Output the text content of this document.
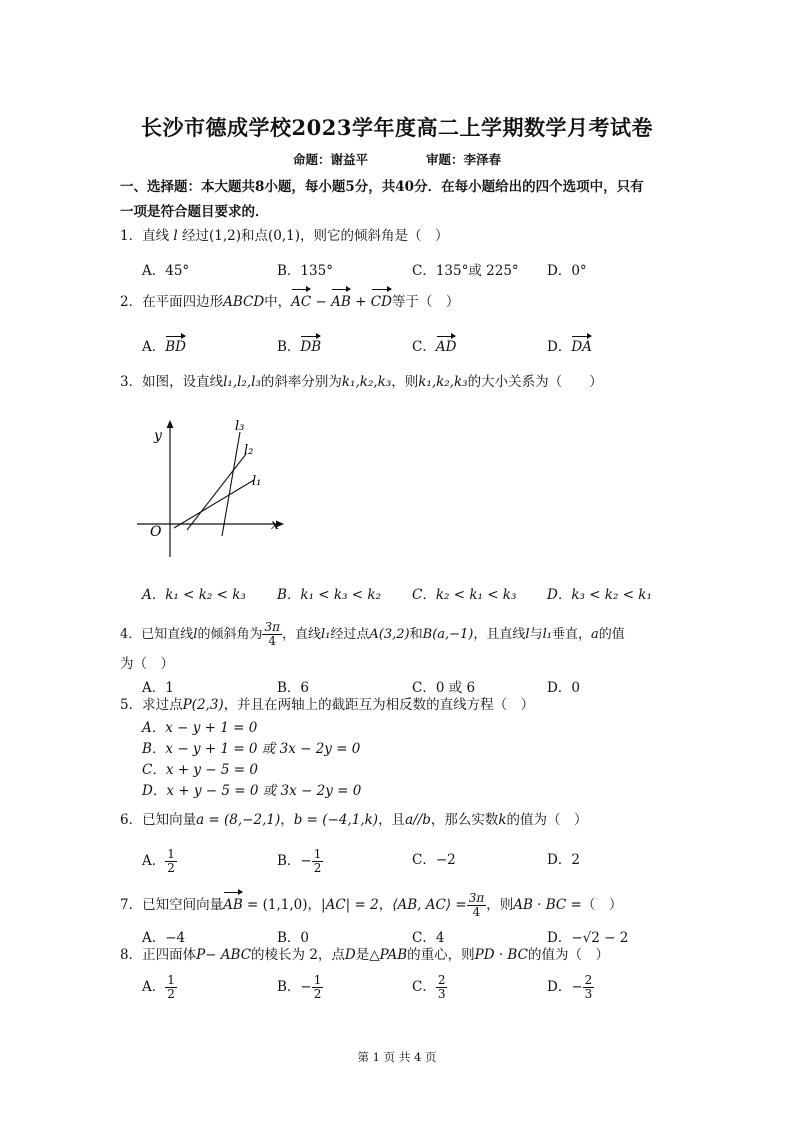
长沙市德成学校2023学年度高二上学期数学月考试卷
命题：谢益平	审题：李泽春
一、选择题：本大题共8小题，每小题5分，共40分．在每小题给出的四个选项中，只有
一项是符合题目要求的．
1．直线 l 经过(1,2)和点(0,1)，则它的倾斜角是（　）
A．45°	B．135°	C．135°或 225°	D．0°
2．在平面四边形ABCD中，AC − AB + CD等于（　）
A．BD	B．DB	C．AD	D．DA
3．如图，设直线l₁,l₂,l₃的斜率分别为k₁,k₂,k₃，则k₁,k₂,k₃的大小关系为（　　）
y
x
O
l₁
l₂
l₃
A．k₁ < k₂ < k₃	B．k₁ < k₃ < k₂	C．k₂ < k₁ < k₃	D．k₃ < k₂ < k₁
4．已知直线l的倾斜角为 $\frac{3\pi}{4}$ ，直线l₁经过点A(3,2)和B(a,−1)，且直线l与l₁垂直，a的值
为（　）
A．1	B．6	C．0 或 6	D．0
5．求过点P(2,3)，并且在两轴上的截距互为相反数的直线方程（　）
A．x − y + 1 = 0
B．x − y + 1 = 0 或 3x − 2y = 0
C．x + y − 5 = 0
D．x + y − 5 = 0 或 3x − 2y = 0
6．已知向量a = (8,−2,1)，b = (−4,1,k)，且a//b，那么实数k的值为（　）
A． $\frac{1}{2}$	B．− $\frac{1}{2}$	C．−2	D．2
7．已知空间向量AB = (1,1,0)，|AC| = 2，⟨AB, AC⟩ = $\frac{3\pi}{4}$ ，则AB · BC =（　）
A．−4	B．0	C．4	D．−√2 − 2
8．正四面体P− ABC的棱长为 2，点D是△PAB的重心，则PD · BC的值为（　）
A． $\frac{1}{2}$	B．− $\frac{1}{2}$	C． $\frac{2}{3}$	D．− $\frac{2}{3}$
第 1 页 共 4 页
